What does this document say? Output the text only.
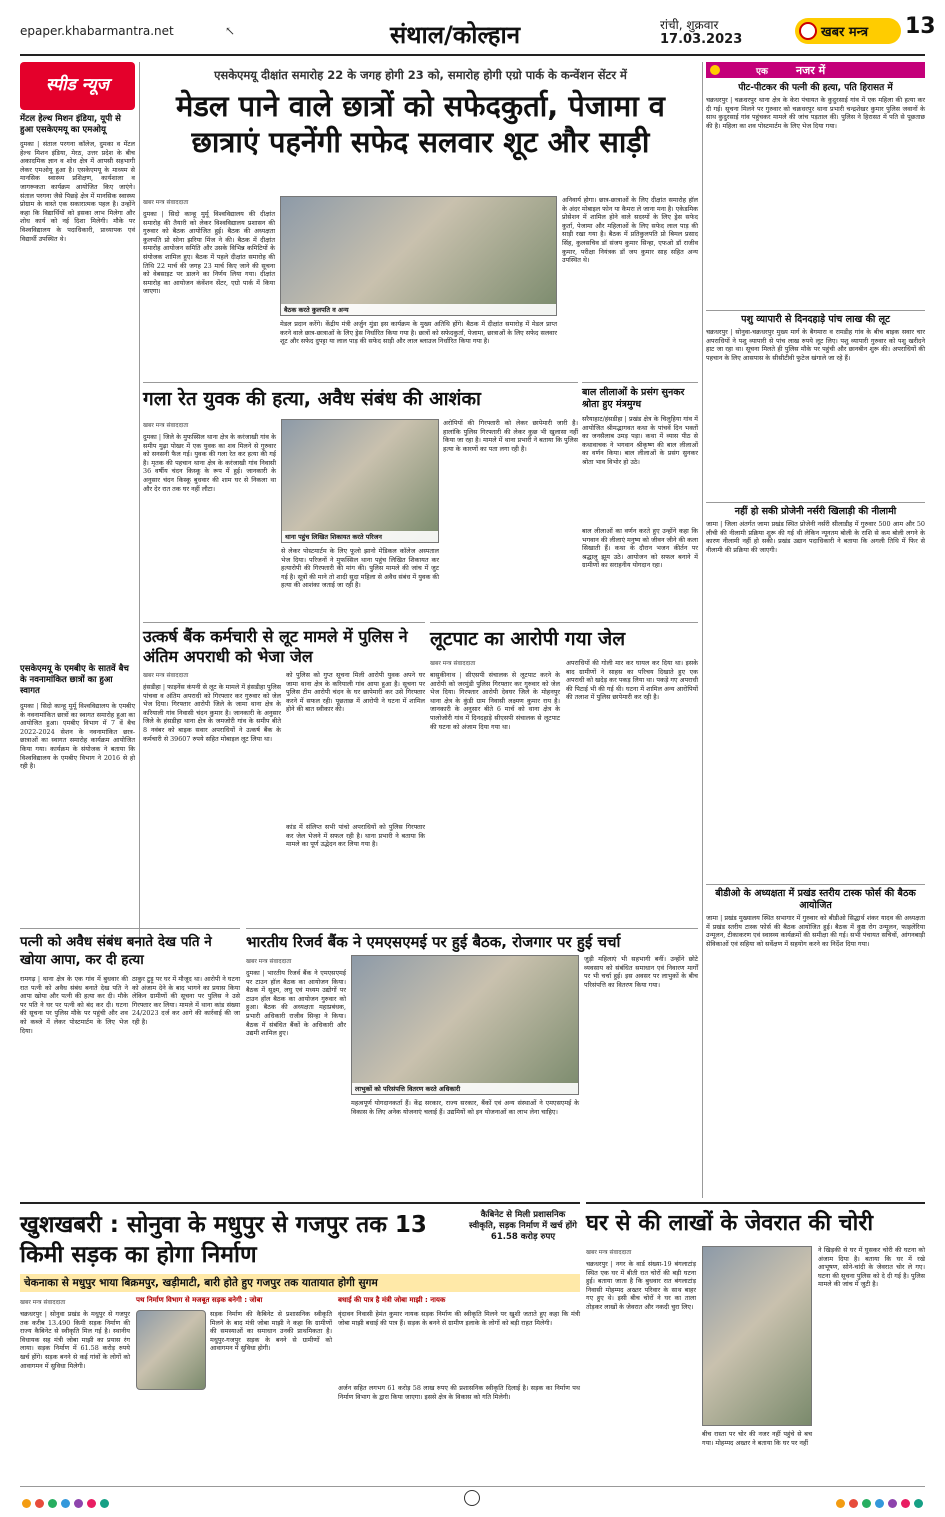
epaper.khabarmantra.net	↖	संथाल/कोल्हान	रांची, शुक्रवार
17.03.2023	खबर मन्त्र	13
स्पीड न्यूज
मेंटल हेल्थ मिशन इंडिया, यूपी से हुआ एसकेएमयू का एमओयू
दुमका | संताल परगना कॉलेज, दुमका व मेंटल हेल्थ मिशन इंडिया, मेरठ, उत्तर प्रदेश के बीच अकादमिक ज्ञान व शोध क्षेत्र में आपसी सहभागी लेकर एमओयू हुआ है। एसकेएमयू के माध्यम से मानसिक स्वास्थ्य प्रशिक्षण, कार्यशाला व जागरूकता कार्यक्रम आयोजित किए जाएंगे। संताल परगना जैसे पिछड़े क्षेत्र में मानसिक स्वास्थ्य प्रोग्राम के वास्ते एक सकारात्मक पहल है। उन्होंने कहा कि विद्यार्थियों को इसका लाभ मिलेगा और शोध कार्य को नई दिशा मिलेगी। मौके पर विश्वविद्यालय के पदाधिकारी, प्राध्यापक एवं विद्यार्थी उपस्थित थे।
एसकेएमयू के एमबीए के सातवें बैच के नवनामांकित छात्रों का हुआ स्वागत
दुमका | सिदो कान्हू मुर्मू विश्वविद्यालय के एमबीए के नवनामांकित छात्रों का स्वागत समारोह हुआ का आयोजित हुआ। एमबीए विभाग में 7 वें बैच 2022-2024 सेशन के नवनामांकित छात्र-छात्राओं का स्वागत समारोह कार्यक्रम आयोजित किया गया। कार्यक्रम के संयोजक ने बताया कि विश्वविद्यालय के एमबीए विभाग ने 2016 से हो रही है।
एसकेएमयू दीक्षांत समारोह 22 के जगह होगी 23 को, समारोह होगी एग्रो पार्क के कन्वेंशन सेंटर में
मेडल पाने वाले छात्रों को सफेदकुर्ता, पेजामा व छात्राएं पहनेंगी सफेद सलवार शूट और साड़ी
खबर मन्त्र संवाददाता
दुमका | सिदो कान्हू मुर्मू विश्वविद्यालय की दीक्षांत समारोह की तैयारी को लेकर विश्वविद्यालय प्रशासन की गुरुवार को बैठक आयोजित हुई। बैठक की अध्यक्षता कुलपति प्रो सोना झरिया मिंज ने की। बैठक में दीक्षांत समारोह आयोजन समिति और उसके विभिन्न कमिटियों के संयोजक शामिल हुए। बैठक में पहले दीक्षांत समारोह की तिथि 22 मार्च की जगह 23 मार्च किए जाने की सूचना को वेबसाइट पर डालने का निर्णय लिया गया। दीक्षांत समारोह का आयोजन कंवेंशन सेंटर, एग्रो पार्क में किया जाएगा।
बैठक करते कुलपति व अन्य
मेडल प्रदान करेंगे। केंद्रीय मंत्री अर्जुन मुंडा इस कार्यक्रम के मुख्य अतिथि होंगे। बैठक में दीक्षांत समारोह में मेडल प्राप्त करने वाले छात्र-छात्राओं के लिए ड्रेस निर्धारित किया गया है। छात्रों को सफेदकुर्ता, पेजामा, छात्राओं के लिए सफेद सलवार शूट और सफेद दुपट्टा या लाल पाड़ की सफेद साड़ी और लाल ब्लाउज निर्धारित किया गया है।
अनिवार्य होगा। छात्र-छात्राओं के लिए दीक्षांत समारोह हॉल के अंदर मोबाइल फोन या कैमरा ले जाना मना है। एकेडमिक प्रोसेशन में शामिल होने वाले सदस्यों के लिए ड्रेस सफेद कुर्ता, पेजामा और महिलाओं के लिए सफेद लाल पाड़ की साड़ी रखा गया है। बैठक में प्रतिकुलपति प्रो बिमल प्रसाद सिंह, कुलसचिव डॉ संजय कुमार सिन्हा, एफओ डॉ राजीव कुमार, परीक्षा नियंत्रक डॉ जय कुमार साह सहित अन्य उपस्थित थे।
गला रेत युवक की हत्या, अवैध संबंध की आशंका
खबर मन्त्र संवाददाता
दुमका | जिले के मुफस्सिल थाना क्षेत्र के करंजाखी गांव के समीप मुढ़ा पोखर में एक युवक का शव मिलने से गुरुवार को सनसनी फैल गई। युवक की गला रेत कर हत्या की गई है। मृतक की पहचान थाना क्षेत्र के करंजाखी गांव निवासी 36 वर्षीय चंदन किस्कू के रूप में हुई। जानकारी के अनुसार चंदन किस्कू बुधवार की शाम घर से निकला था और देर रात तक घर नहीं लौटा।
थाना पहुंच लिखित शिकायत करते परिजन
से लेकर पोस्टमार्टम के लिए फूलो झानो मेडिकल कॉलेज अस्पताल भेज दिया। परिजनों ने मुफस्सिल थाना पहुंच लिखित शिकायत कर हत्यारोपी की गिरफ्तारी की मांग की। पुलिस मामले की जांच में जुट गई है। सूत्रों की माने तो शादी सुदा महिला से अवैध संबंध में युवक की हत्या की आशंका जताई जा रही है।
अरोपियों की गिरफ्तारी को लेकर छापेमारी जारी है। हालांकि पुलिस गिरफ्तारी की लेकर कुछ भी खुलासा नहीं किया जा रहा है। मामले में थाना प्रभारी ने बताया कि पुलिस हत्या के कारणों का पता लगा रही है।
बाल लीलाओं के प्रसंग सुनकर श्रोता हुए मंत्रमुग्ध
सरैयाहाट/हंसडीहा | प्रखंड क्षेत्र के चिलुहिया गांव में आयोजित श्रीमद्भागवत कथा के पांचवें दिन भक्तों का जनसैलाब उमड़ पड़ा। कथा में व्यास पीठ से कथावाचक ने भगवान श्रीकृष्ण की बाल लीलाओं का वर्णन किया। बाल लीलाओं के प्रसंग सुनकर श्रोता भाव विभोर हो उठे।
बाल लीलाओं का वर्णन करते हुए उन्होंने कहा कि भगवान की लीलाएं मनुष्य को जीवन जीने की कला सिखाती हैं। कथा के दौरान भजन कीर्तन पर श्रद्धालु झूम उठे। आयोजन को सफल बनाने में ग्रामीणों का सराहनीय योगदान रहा।
उत्कर्ष बैंक कर्मचारी से लूट मामले में पुलिस ने अंतिम अपराधी को भेजा जेल
खबर मन्त्र संवाददाता
हंसडीहा | फाइनेंस कंपनी से लूट के मामले में हंसडीहा पुलिस पांचवा व अंतिम अपराधी को गिरफ्तार कर गुरुवार को जेल भेज दिया। गिरफ्तार आरोपी जिले के जामा थाना क्षेत्र के करियाली गांव निवासी चंदन कुमार है। जानकारी के अनुसार जिले के हंसडीहा थाना क्षेत्र के जमजोरी गांव के समीप बीते 8 नवंबर को बाइक सवार अपराधियों ने उत्कर्ष बैंक के कर्मचारी से 39607 रुपये सहित मोबाइल लूट लिया था।
को पुलिस को गुप्त सूचना मिली आरोपी युवक अपने घर जामा थाना क्षेत्र के करियाली गांव आया हुआ है। सूचना पर पुलिस टीम आरोपी चंदन के घर छापेमारी कर उसे गिरफ्तार करने में सफल रही। पूछताछ में आरोपी ने घटना में शामिल होने की बात स्वीकार की।
कांड में संलिप्त सभी पांचो अपराधियों को पुलिस गिरफ्तार कर जेल भेजने में सफल रही है। थाना प्रभारी ने बताया कि मामले का पूर्ण उद्भेदन कर लिया गया है।
लूटपाट का आरोपी गया जेल
खबर मन्त्र संवाददाता
बासुकीनाथ | सीएसपी संचालक से लूटपाट करने के आरोपी को जरमुंडी पुलिस गिरफ्तार कर गुरुवार को जेल भेज दिया। गिरफ्तार आरोपी देवघर जिले के मोहनपुर थाना क्षेत्र के कुंडी ग्राम निवासी लक्ष्मण कुमार राय है। जानकारी के अनुसार बीते 6 मार्च को थाना क्षेत्र के पालोजोरी गांव में दिनदहाड़े सीएसपी संचालक से लूटपाट की घटना को अंजाम दिया गया था।
अपराधियों की गोली मार कर घायल कर दिया था। इसके बाद ग्रामीणों ने साहस का परिचय दिखाते हुए एक अपराधी को खदेड़ कर पकड़ लिया था। पकड़े गए अपराधी की पिटाई भी की गई थी। घटना में शामिल अन्य आरोपियों की तलाश में पुलिस छापेमारी कर रही है।
पत्नी को अवैध संबंध बनाते देख पति ने खोया आपा, कर दी हत्या
रामगढ़ | थाना क्षेत्र के एक गांव में बुधवार की रात पत्नी को अवैध संबंध बनाते देख पति ने आपा खोया और पत्नी की हत्या कर दी। मौके पर पति ने घर पर पत्नी को बंद कर दी। घटना की सूचना पर पुलिस मौके पर पहुंची और शव को कब्जे में लेकर पोस्टमार्टम के लिए भेज दिया।
ठाकुर टुड़ू पर घर में मौजूद था। आरोपी ने घटना को अंजाम देने के बाद भागने का प्रयास किया लेकिन ग्रामीणों की सूचना पर पुलिस ने उसे गिरफ्तार कर लिया। मामले में थाना कांड संख्या 24/2023 दर्ज कर आगे की कार्रवाई की जा रही है।
भारतीय रिजर्व बैंक ने एमएसएमई पर हुई बैठक, रोजगार पर हुई चर्चा
खबर मन्त्र संवाददाता
दुमका | भारतीय रिजर्व बैंक ने एमएसएमई पर टाउन हॉल बैठक का आयोजन किया। बैठक में सूक्ष्म, लघु एवं मध्यम उद्योगों पर टाउन हॉल बैठक का आयोजन गुरुवार को हुआ। बैठक की अध्यक्षता महाप्रबंधक, प्रभारी अधिकारी राजीव सिन्हा ने किया। बैठक में संबंधित बैंकों के अधिकारी और उद्यमी शामिल हुए।
लाभुकों को परिसंपत्ति वितरण करते अधिकारी
महत्वपूर्ण योगदानकर्ता हैं। केंद्र सरकार, राज्य सरकार, बैंकों एवं अन्य संस्थाओं ने एमएसएमई के विकास के लिए अनेक योजनाएं चलाई हैं। उद्यमियों को इन योजनाओं का लाभ लेना चाहिए।
जुड़ी महिलाएं भी सहभागी बनीं। उन्होंने छोटे व्यवसाय को संबंधित समाधान एवं निवारण मार्गों पर भी चर्चा हुई। इस अवसर पर लाभुकों के बीच परिसंपत्ति का वितरण किया गया।
एक	नजर में
पीट-पीटकर की पत्नी की हत्या, पति हिरासत में
चक्रधरपुर | चक्रधरपुर थाना क्षेत्र के केरा पंचायत के कुदुरसाई गांव में एक महिला की हत्या कर दी गई। सूचना मिलने पर गुरुवार को चक्रधरपुर थाना प्रभारी चन्द्रशेखर कुमार पुलिस जवानों के साथ कुदुरसाई गांव पहुंचकर मामले की जांच पड़ताल की। पुलिस ने हिरासत में पति से पूछताछ की है। महिला का शव पोस्टमार्टम के लिए भेज दिया गया।
पशु व्यापारी से दिनदहाड़े पांच लाख की लूट
चक्रधरपुर | सोनुवा-चक्रधरपुर मुख्य मार्ग के बैगमारा व रामडीह गांव के बीच बाइक सवार चार अपराधियों ने पशु व्यापारी से पांच लाख रुपये लूट लिए। पशु व्यापारी गुरुवार को पशु खरीदने हाट जा रहा था। सूचना मिलते ही पुलिस मौके पर पहुंची और छानबीन शुरू की। अपराधियों की पहचान के लिए आसपास के सीसीटीवी फुटेज खंगाले जा रहे हैं।
नहीं हो सकी प्रोजेनी नर्सरी खिलाड़ी की नीलामी
जामा | जिला अंतर्गत जामा प्रखंड स्थित प्रोजेनी नर्सरी सीलाडीह में गुरुवार 500 आम और 50 लीची की नीलामी प्रक्रिया शुरू की गई थी लेकिन न्यूनतम बोली के राशि से कम बोली लगने के कारण नीलामी नहीं हो सकी। प्रखंड उद्यान पदाधिकारी ने बताया कि अगली तिथि में फिर से नीलामी की प्रक्रिया की जाएगी।
बीडीओ के अध्यक्षता में प्रखंड स्तरीय टास्क फोर्स की बैठक आयोजित
जामा | प्रखंड मुख्यालय स्थित सभागार में गुरुवार को बीडीओ सिद्धार्थ शंकर यादव की अध्यक्षता में प्रखंड स्तरीय टास्क फोर्स की बैठक आयोजित हुई। बैठक में कुष्ठ रोग उन्मूलन, फाइलेरिया उन्मूलन, टीकाकरण एवं स्वास्थ्य कार्यक्रमों की समीक्षा की गई। सभी पंचायत सचिवों, आंगनबाड़ी सेविकाओं एवं सहिया को सर्वेक्षण में सहयोग करने का निर्देश दिया गया।
खुशखबरी : सोनुवा के मधुपुर से गजपुर तक 13 किमी सड़क का होगा निर्माण
कैबिनेट से मिली प्रशासनिक स्वीकृति, सड़क निर्माण में खर्च होंगे 61.58 करोड़ रुपए
चेकनाका से मधुपुर भाया बिक्रमपुर, खड़ीमाटी, बारी होते हुए गजपुर तक यातायात होगी सुगम
खबर मन्त्र संवाददाता
चक्रधरपुर | सोनुवा प्रखंड के मधुपुर से गजपुर तक करीब 13.490 किमी सड़क निर्माण की राज्य कैबिनेट से स्वीकृति मिल गई है। स्थानीय विधायक सह मंत्री जोबा माझी का प्रयास रंग लाया। सड़क निर्माण में 61.58 करोड़ रुपये खर्च होंगे। सड़क बनने से कई गांवों के लोगों को आवागमन में सुविधा मिलेगी।
पथ निर्माण विभाग से मजबूत सड़क बनेगी : जोबा
सड़क निर्माण की कैबिनेट से प्रशासनिक स्वीकृति मिलने के बाद मंत्री जोबा माझी ने कहा कि ग्रामीणों की समस्याओं का समाधान उनकी प्राथमिकता है। मधुपुर-गजपुर सड़क के बनने से ग्रामीणों को आवागमन में सुविधा होगी।
बधाई की पात्र है मंत्री जोबा माझी : नायक
वृंदावन निवासी हेमंत कुमार नायक सड़क निर्माण की स्वीकृति मिलने पर खुशी जताते हुए कहा कि मंत्री जोबा माझी बधाई की पात्र हैं। सड़क के बनने से ग्रामीण इलाके के लोगों को बड़ी राहत मिलेगी।
अर्जन सहित लगभग 61 करोड़ 58 लाख रुपए की प्रशासनिक स्वीकृति दिलाई है। सड़क का निर्माण पथ निर्माण विभाग के द्वारा किया जाएगा। इससे क्षेत्र के विकास को गति मिलेगी।
घर से की लाखों के जेवरात की चोरी
खबर मन्त्र संवाददाता
चक्रधरपुर | नगर के वार्ड संख्या-19 बंगलाटांड़ स्थित एक घर में बीती रात चोरों की बड़ी घटना हुई। बताया जाता है कि बुधवार रात बंगलाटांड़ निवासी मोहम्मद अख्तर परिवार के साथ बाहर गए हुए थे। इसी बीच चोरों ने घर का ताला तोड़कर लाखों के जेवरात और नकदी चुरा लिए।
बीच रास्ता पर चोर की नजर नहीं पहुंचे से बच गया। मोहम्मद अख्तर ने बताया कि घर पर नहीं
ने खिड़की से घर में घुसकर चोरी की घटना को अंजाम दिया है। बताया कि घर में रखे आभूषण, सोने-चांदी के जेवरात चोर ले गए। घटना की सूचना पुलिस को दे दी गई है। पुलिस मामले की जांच में जुटी है।
